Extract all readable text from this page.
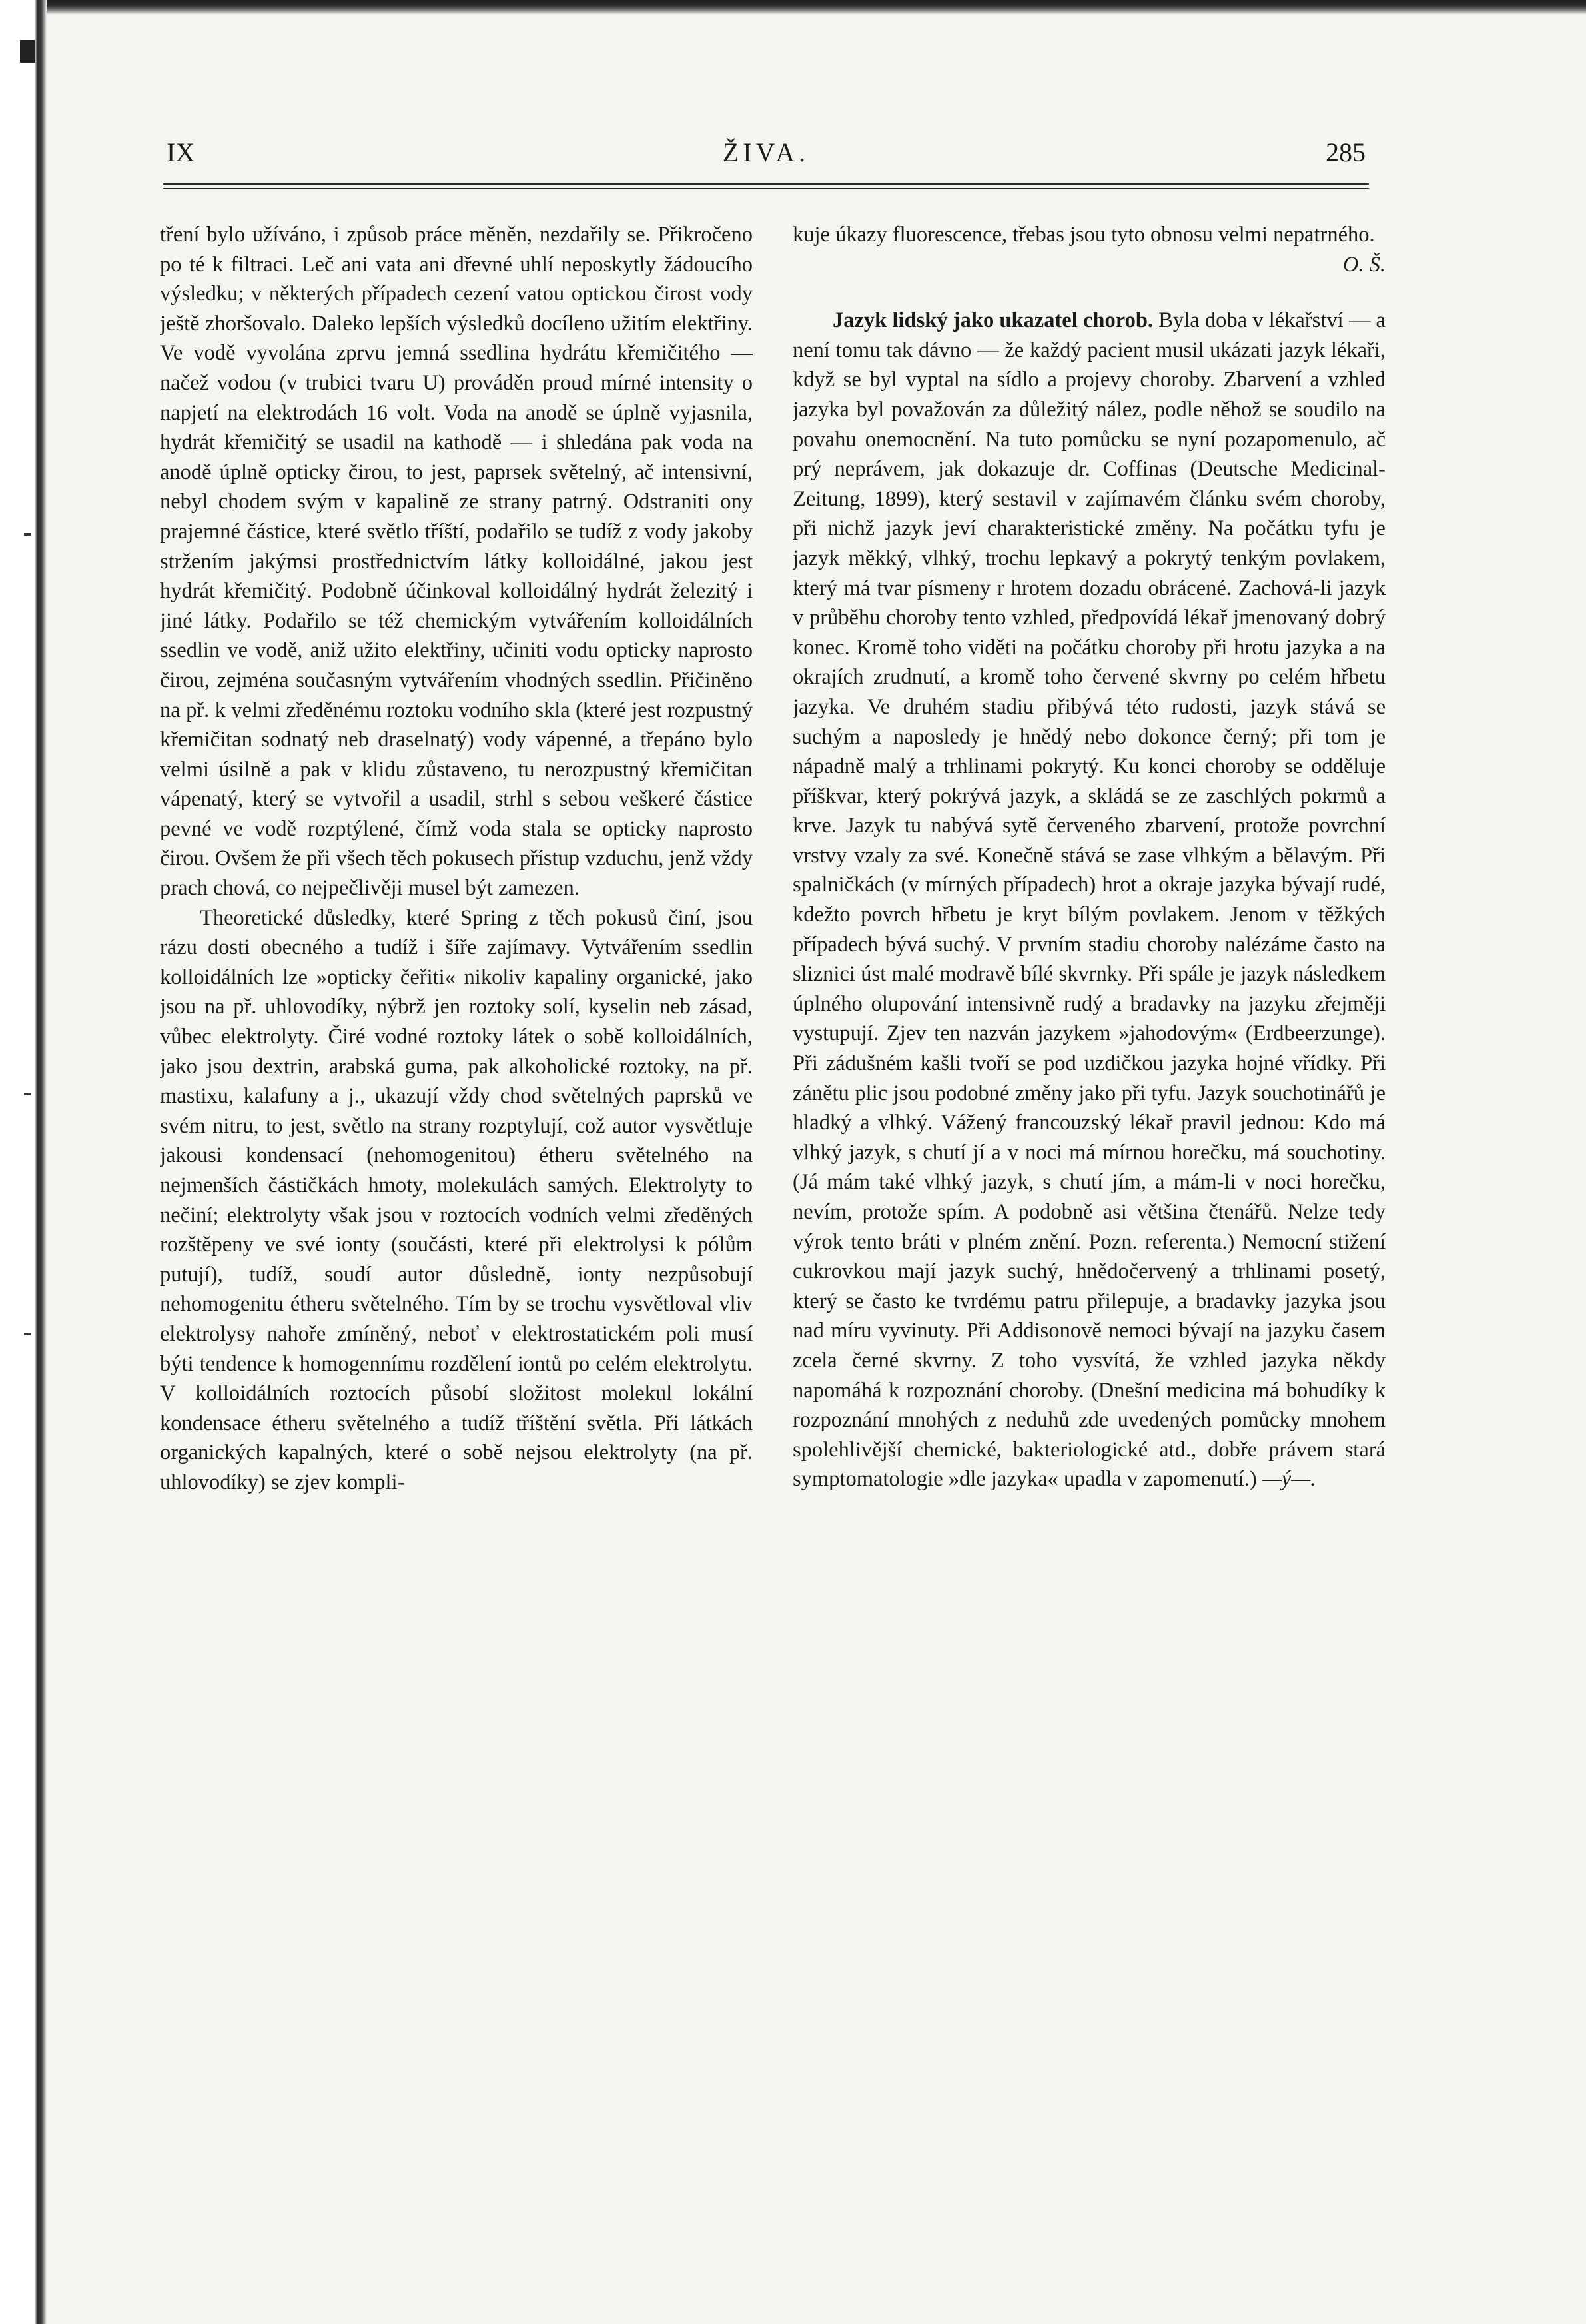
IX	ŽIVA.	285

tření bylo užíváno, i způsob práce měněn, nezdařily se. Přikročeno po té k filtraci. Leč ani vata ani dřevné uhlí neposkytly žádoucího výsledku; v některých případech cezení vatou optickou čirost vody ještě zhoršovalo. Daleko lepších výsledků docíleno užitím elektřiny. Ve vodě vyvolána zprvu jemná ssedlina hydrátu křemičitého — načež vodou (v trubici tvaru U) prováděn proud mírné intensity o napjetí na elektrodách 16 volt. Voda na anodě se úplně vyjasnila, hydrát křemičitý se usadil na kathodě — i shledána pak voda na anodě úplně opticky čirou, to jest, paprsek světelný, ač intensivní, nebyl chodem svým v kapalině ze strany patrný. Odstraniti ony prajemné částice, které světlo tříští, podařilo se tudíž z vody jakoby stržením jakýmsi prostřednictvím látky kolloidálné, jakou jest hydrát křemičitý. Podobně účinkoval kolloidálný hydrát železitý i jiné látky. Podařilo se též chemickým vytvářením kolloidálních ssedlin ve vodě, aniž užito elektřiny, učiniti vodu opticky naprosto čirou, zejména současným vytvářením vhodných ssedlin. Přičiněno na př. k velmi zředěnému roztoku vodního skla (které jest rozpustný křemičitan sodnatý neb draselnatý) vody vápenné, a třepáno bylo velmi úsilně a pak v klidu zůstaveno, tu nerozpustný křemičitan vápenatý, který se vytvořil a usadil, strhl s sebou veškeré částice pevné ve vodě rozptýlené, čímž voda stala se opticky naprosto čirou. Ovšem že při všech těch pokusech přístup vzduchu, jenž vždy prach chová, co nejpečlivěji musel být zamezen.

Theoretické důsledky, které Spring z těch pokusů činí, jsou rázu dosti obecného a tudíž i šíře zajímavy. Vytvářením ssedlin kolloidálních lze »opticky čeřiti« nikoliv kapaliny organické, jako jsou na př. uhlovodíky, nýbrž jen roztoky solí, kyselin neb zásad, vůbec elektrolyty. Čiré vodné roztoky látek o sobě kolloidálních, jako jsou dextrin, arabská guma, pak alkoholické roztoky, na př. mastixu, kalafuny a j., ukazují vždy chod světelných paprsků ve svém nitru, to jest, světlo na strany rozptylují, což autor vysvětluje jakousi kondensací (nehomogenitou) étheru světelného na nejmenších částičkách hmoty, molekulách samých. Elektrolyty to nečiní; elektrolyty však jsou v roztocích vodních velmi zředěných rozštěpeny ve své ionty (součásti, které při elektrolysi k pólům putují), tudíž, soudí autor důsledně, ionty nezpůsobují nehomogenitu étheru světelného. Tím by se trochu vysvětloval vliv elektrolysy nahoře zmíněný, neboť v elektrostatickém poli musí býti tendence k homogennímu rozdělení iontů po celém elektrolytu. V kolloidálních roztocích působí složitost molekul lokální kondensace étheru světelného a tudíž tříštění světla. Při látkách organických kapalných, které o sobě nejsou elektrolyty (na př. uhlovodíky) se zjev kompli-

kuje úkazy fluorescence, třebas jsou tyto obnosu velmi nepatrného.

O. Š.

Jazyk lidský jako ukazatel chorob. Byla doba v lékařství — a není tomu tak dávno — že každý pacient musil ukázati jazyk lékaři, když se byl vyptal na sídlo a projevy choroby. Zbarvení a vzhled jazyka byl považován za důležitý nález, podle něhož se soudilo na povahu onemocnění. Na tuto pomůcku se nyní pozapomenulo, ač prý neprávem, jak dokazuje dr. Coffinas (Deutsche Medicinal-Zeitung, 1899), který sestavil v zajímavém článku svém choroby, při nichž jazyk jeví charakteristické změny. Na počátku tyfu je jazyk měkký, vlhký, trochu lepkavý a pokrytý tenkým povlakem, který má tvar písmeny r hrotem dozadu obrácené. Zachová-li jazyk v průběhu choroby tento vzhled, předpovídá lékař jmenovaný dobrý konec. Kromě toho viděti na počátku choroby při hrotu jazyka a na okrajích zrudnutí, a kromě toho červené skvrny po celém hřbetu jazyka. Ve druhém stadiu přibývá této rudosti, jazyk stává se suchým a naposledy je hnědý nebo dokonce černý; při tom je nápadně malý a trhlinami pokrytý. Ku konci choroby se odděluje příškvar, který pokrývá jazyk, a skládá se ze zaschlých pokrmů a krve. Jazyk tu nabývá sytě červeného zbarvení, protože povrchní vrstvy vzaly za své. Konečně stává se zase vlhkým a bělavým. Při spalničkách (v mírných případech) hrot a okraje jazyka bývají rudé, kdežto povrch hřbetu je kryt bílým povlakem. Jenom v těžkých případech bývá suchý. V prvním stadiu choroby nalézáme často na sliznici úst malé modravě bílé skvrnky. Při spále je jazyk následkem úplného olupování intensivně rudý a bradavky na jazyku zřejměji vystupují. Zjev ten nazván jazykem »jahodovým« (Erdbeerzunge). Při zádušném kašli tvoří se pod uzdičkou jazyka hojné vřídky. Při zánětu plic jsou podobné změny jako při tyfu. Jazyk souchotinářů je hladký a vlhký. Vážený francouzský lékař pravil jednou: Kdo má vlhký jazyk, s chutí jí a v noci má mírnou horečku, má souchotiny. (Já mám také vlhký jazyk, s chutí jím, a mám-li v noci horečku, nevím, protože spím. A podobně asi většina čtenářů. Nelze tedy výrok tento bráti v plném znění. Pozn. referenta.) Nemocní stižení cukrovkou mají jazyk suchý, hnědočervený a trhlinami posetý, který se často ke tvrdému patru přilepuje, a bradavky jazyka jsou nad míru vyvinuty. Při Addisonově nemoci bývají na jazyku časem zcela černé skvrny. Z toho vysvítá, že vzhled jazyka někdy napomáhá k rozpoznání choroby. (Dnešní medicina má bohudíky k rozpoznání mnohých z neduhů zde uvedených pomůcky mnohem spolehlivější chemické, bakteriologické atd., dobře právem stará symptomatologie »dle jazyka« upadla v zapomenutí.) —ý—.
